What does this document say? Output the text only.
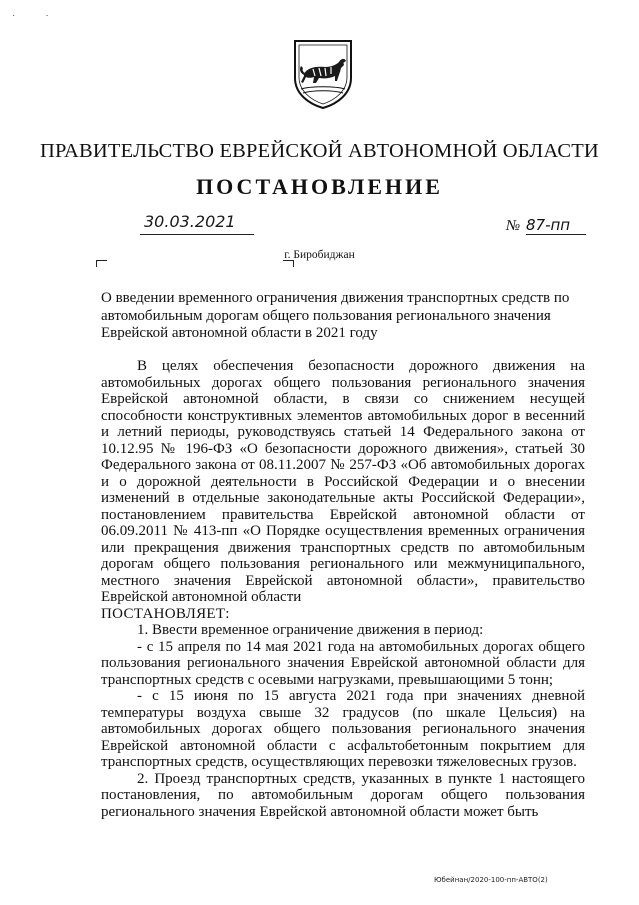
˙            ˙
ПРАВИТЕЛЬСТВО ЕВРЕЙСКОЙ АВТОНОМНОЙ ОБЛАСТИ
ПОСТАНОВЛЕНИЕ
30.03.2021	№ 87-пп
г. Биробиджан
О введении временного ограничения движения транспортных средств по автомобильным дорогам общего пользования регионального значения Еврейской автономной области в 2021 году

В целях обеспечения безопасности дорожного движения на автомобильных дорогах общего пользования регионального значения Еврейской автономной области, в связи со снижением несущей способности конструктивных элементов автомобильных дорог в весенний и летний периоды, руководствуясь статьей 14 Федерального закона от 10.12.95 № 196-ФЗ «О безопасности дорожного движения», статьей 30 Федерального закона от 08.11.2007 № 257-ФЗ «Об автомобильных дорогах и о дорожной деятельности в Российской Федерации и о внесении изменений в отдельные законодательные акты Российской Федерации», постановлением правительства Еврейской автономной области от 06.09.2011 № 413-пп «О Порядке осуществления временных ограничения или прекращения движения транспортных средств по автомобильным дорогам общего пользования регионального или межмуниципального, местного значения Еврейской автономной области», правительство Еврейской автономной области

ПОСТАНОВЛЯЕТ:

1. Ввести временное ограничение движения в период:

- с 15 апреля по 14 мая 2021 года на автомобильных дорогах общего пользования регионального значения Еврейской автономной области для транспортных средств с осевыми нагрузками, превышающими 5 тонн;

- с 15 июня по 15 августа 2021 года при значениях дневной температуры воздуха свыше 32 градусов (по шкале Цельсия) на автомобильных дорогах общего пользования регионального значения Еврейской автономной области с асфальтобетонным покрытием для транспортных средств, осуществляющих перевозки тяжеловесных грузов.

2. Проезд транспортных средств, указанных в пункте 1 настоящего постановления, по автомобильным дорогам общего пользования регионального значения Еврейской автономной области может быть

Юбейнан/2020-100-пп-АВТО(2)
